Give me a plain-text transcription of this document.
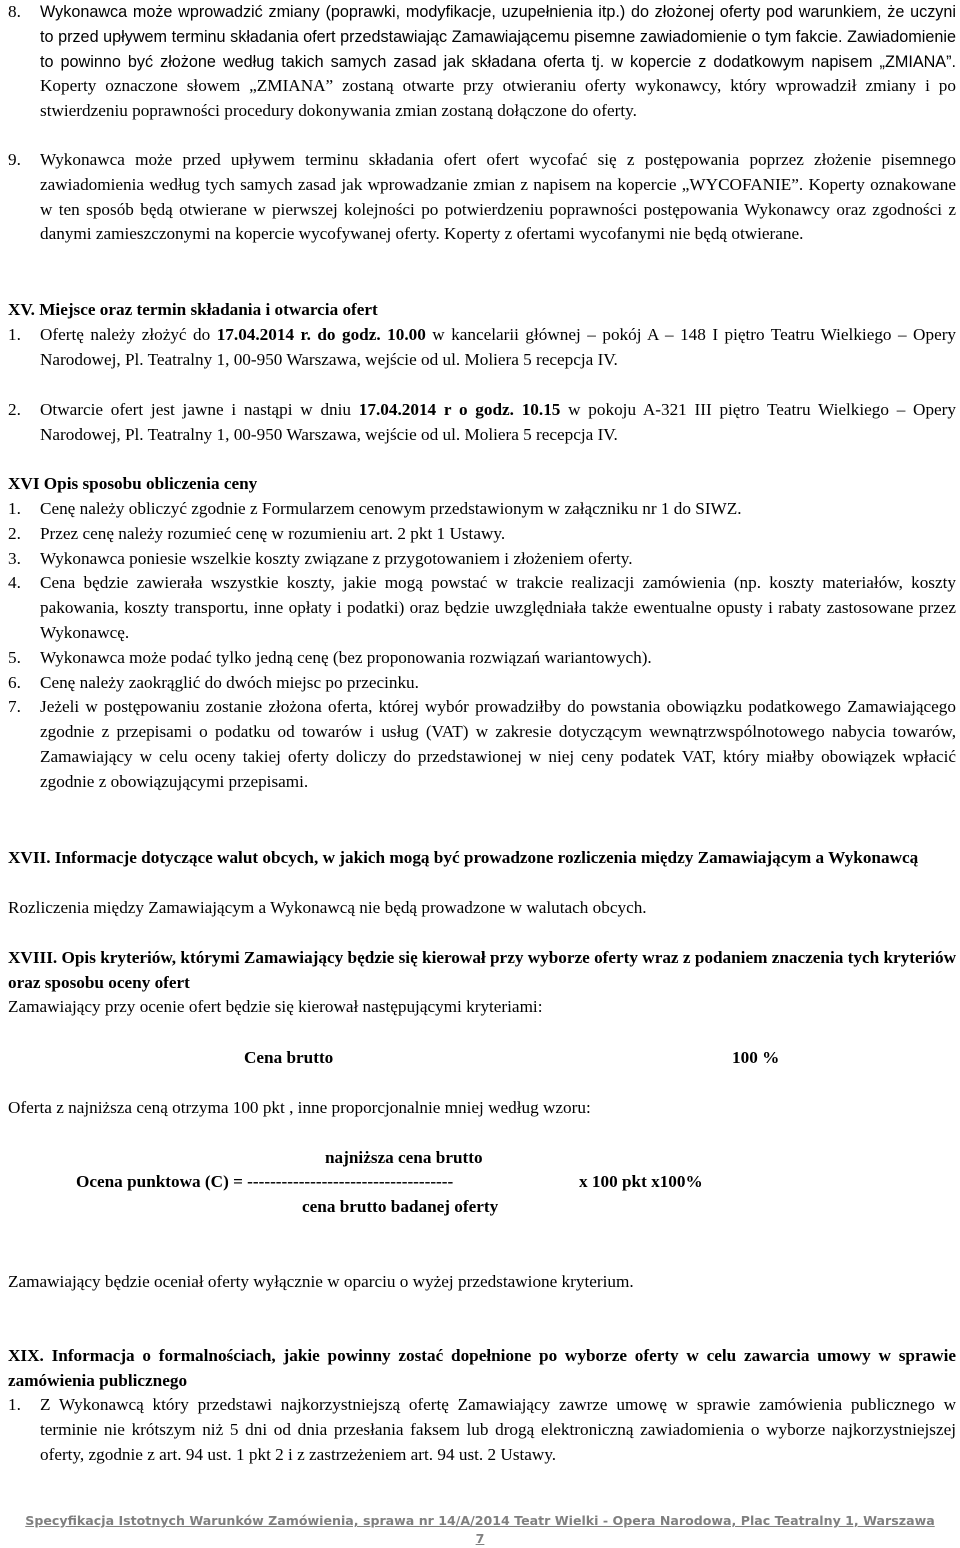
8.	Wykonawca może wprowadzić zmiany (poprawki, modyfikacje, uzupełnienia itp.) do złożonej oferty pod warunkiem, że uczyni to przed upływem terminu składania ofert przedstawiając Zamawiającemu pisemne zawiadomienie o tym fakcie. Zawiadomienie to powinno być złożone według takich samych zasad jak składana oferta tj. w kopercie z dodatkowym napisem „ZMIANA”. Koperty oznaczone słowem „ZMIANA” zostaną otwarte przy otwieraniu oferty wykonawcy, który wprowadził zmiany i po stwierdzeniu poprawności procedury dokonywania zmian zostaną dołączone do oferty.
9.	Wykonawca może przed upływem terminu składania ofert ofert wycofać się z postępowania poprzez złożenie pisemnego zawiadomienia według tych samych zasad jak wprowadzanie zmian z napisem na kopercie „WYCOFANIE”. Koperty oznakowane w ten sposób będą otwierane w pierwszej kolejności po potwierdzeniu poprawności postępowania Wykonawcy oraz zgodności z danymi zamieszczonymi na kopercie wycofywanej oferty. Koperty z ofertami wycofanymi nie będą otwierane.
XV. Miejsce oraz termin składania i otwarcia ofert
1.	Ofertę należy złożyć do 17.04.2014 r. do godz. 10.00 w kancelarii głównej – pokój A – 148 I piętro Teatru Wielkiego – Opery Narodowej, Pl. Teatralny 1, 00-950 Warszawa, wejście od ul. Moliera 5 recepcja IV.
2.	Otwarcie ofert jest jawne i nastąpi w dniu 17.04.2014 r o godz. 10.15 w pokoju A-321 III piętro Teatru Wielkiego – Opery Narodowej, Pl. Teatralny 1, 00-950 Warszawa, wejście od ul. Moliera 5 recepcja IV.
XVI Opis sposobu obliczenia ceny
1.	Cenę należy obliczyć zgodnie z Formularzem cenowym przedstawionym w załączniku nr 1 do SIWZ.
2.	Przez cenę należy rozumieć cenę w rozumieniu art. 2 pkt 1 Ustawy.
3.	Wykonawca poniesie wszelkie koszty związane z przygotowaniem i złożeniem oferty.
4.	Cena będzie zawierała wszystkie koszty, jakie mogą powstać w trakcie realizacji zamówienia (np. koszty materiałów, koszty pakowania, koszty transportu, inne opłaty i podatki) oraz będzie uwzględniała także ewentualne opusty i rabaty zastosowane przez Wykonawcę.
5.	Wykonawca może podać tylko jedną cenę (bez proponowania rozwiązań wariantowych).
6.	Cenę należy zaokrąglić do dwóch miejsc po przecinku.
7.	Jeżeli w postępowaniu zostanie złożona oferta, której wybór prowadziłby do powstania obowiązku podatkowego Zamawiającego zgodnie z przepisami o podatku od towarów i usług (VAT) w zakresie dotyczącym wewnątrzwspólnotowego nabycia towarów, Zamawiający w celu oceny takiej oferty doliczy do przedstawionej w niej ceny podatek VAT, który miałby obowiązek wpłacić zgodnie z obowiązującymi przepisami.
XVII. Informacje dotyczące walut obcych, w jakich mogą być prowadzone rozliczenia między Zamawiającym a Wykonawcą
Rozliczenia między Zamawiającym a Wykonawcą nie będą prowadzone w walutach obcych.
XVIII. Opis kryteriów, którymi Zamawiający będzie się kierował przy wyborze oferty wraz z podaniem znaczenia tych kryteriów oraz sposobu oceny ofert
Zamawiający przy ocenie ofert będzie się kierował następującymi kryteriami:
Cena brutto	100 %
Oferta z najniższa ceną otrzyma 100 pkt , inne proporcjonalnie mniej według wzoru:
najniższa cena brutto
Ocena punktowa (C) = ------------------------------------	x 100 pkt x100%
cena brutto badanej oferty
Zamawiający będzie oceniał oferty wyłącznie w oparciu o wyżej przedstawione kryterium.
XIX. Informacja o formalnościach, jakie powinny zostać dopełnione po wyborze oferty w celu zawarcia umowy w sprawie zamówienia publicznego
1.	Z Wykonawcą który przedstawi najkorzystniejszą ofertę Zamawiający zawrze umowę w sprawie zamówienia publicznego w terminie nie krótszym niż 5 dni od dnia przesłania faksem lub drogą elektroniczną zawiadomienia o wyborze najkorzystniejszej oferty, zgodnie z art. 94 ust. 1 pkt 2 i z zastrzeżeniem art. 94 ust. 2 Ustawy.
Specyfikacja Istotnych Warunków Zamówienia, sprawa nr 14/A/2014 Teatr Wielki - Opera Narodowa, Plac Teatralny 1, Warszawa
7
